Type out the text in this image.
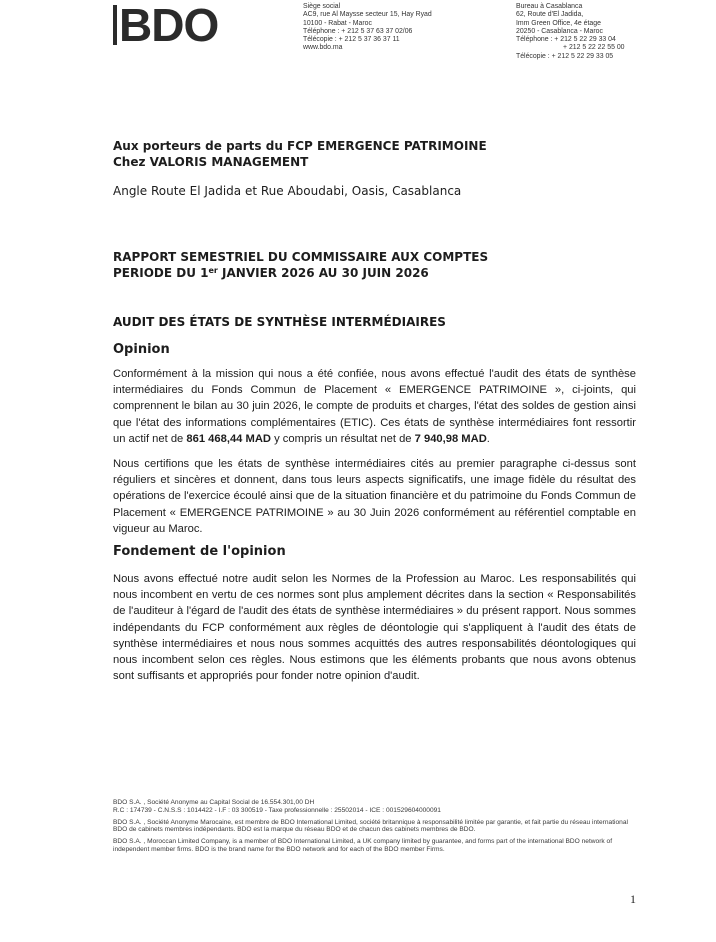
BDO	Siège social
AC9, rue Al Maysse secteur 15, Hay Ryad
10100 - Rabat - Maroc
Téléphone : + 212 5 37 63 37 02/06
Télécopie : + 212 5 37 36 37 11
www.bdo.ma
Bureau à Casablanca
62, Route d'El Jadida,
Imm Green Office, 4e étage
20250 - Casablanca - Maroc
Téléphone : + 212 5 22 29 33 04
+ 212 5 22 22 55 00
Télécopie : + 212 5 22 29 33 05
Aux porteurs de parts du FCP EMERGENCE PATRIMOINE
Chez VALORIS MANAGEMENT
Angle Route El Jadida et Rue Aboudabi, Oasis, Casablanca
RAPPORT SEMESTRIEL DU COMMISSAIRE AUX COMPTES
PERIODE DU 1er JANVIER 2026 AU 30 JUIN 2026
AUDIT DES ÉTATS DE SYNTHÈSE INTERMÉDIAIRES
Opinion
Conformément à la mission qui nous a été confiée, nous avons effectué l'audit des états de synthèse intermédiaires du Fonds Commun de Placement « EMERGENCE PATRIMOINE », ci-joints, qui comprennent le bilan au 30 juin 2026, le compte de produits et charges, l'état des soldes de gestion ainsi que l'état des informations complémentaires (ETIC). Ces états de synthèse intermédiaires font ressortir un actif net de 861 468,44 MAD y compris un résultat net de 7 940,98 MAD.
Nous certifions que les états de synthèse intermédiaires cités au premier paragraphe ci-dessus sont réguliers et sincères et donnent, dans tous leurs aspects significatifs, une image fidèle du résultat des opérations de l'exercice écoulé ainsi que de la situation financière et du patrimoine du Fonds Commun de Placement « EMERGENCE PATRIMOINE » au 30 Juin 2026 conformément au référentiel comptable en vigueur au Maroc.
Fondement de l'opinion
Nous avons effectué notre audit selon les Normes de la Profession au Maroc. Les responsabilités qui nous incombent en vertu de ces normes sont plus amplement décrites dans la section « Responsabilités de l'auditeur à l'égard de l'audit des états de synthèse intermédiaires » du présent rapport. Nous sommes indépendants du FCP conformément aux règles de déontologie qui s'appliquent à l'audit des états de synthèse intermédiaires et nous nous sommes acquittés des autres responsabilités déontologiques qui nous incombent selon ces règles. Nous estimons que les éléments probants que nous avons obtenus sont suffisants et appropriés pour fonder notre opinion d'audit.
BDO S.A. , Société Anonyme au Capital Social de 16.554.301,00 DH
R.C : 174739 - C.N.S.S : 1014422 - I.F : 03 300519 - Taxe professionnelle : 25502014 - ICE : 001529604000091
BDO S.A. , Société Anonyme Marocaine, est membre de BDO International Limited, société britannique à responsabilité limitée par garantie, et fait partie du réseau international BDO de cabinets membres indépendants. BDO est la marque du réseau BDO et de chacun des cabinets membres de BDO.
BDO S.A. , Moroccan Limited Company, is a member of BDO International Limited, a UK company limited by guarantee, and forms part of the international BDO network of independent member firms. BDO is the brand name for the BDO network and for each of the BDO member Firms.
1
